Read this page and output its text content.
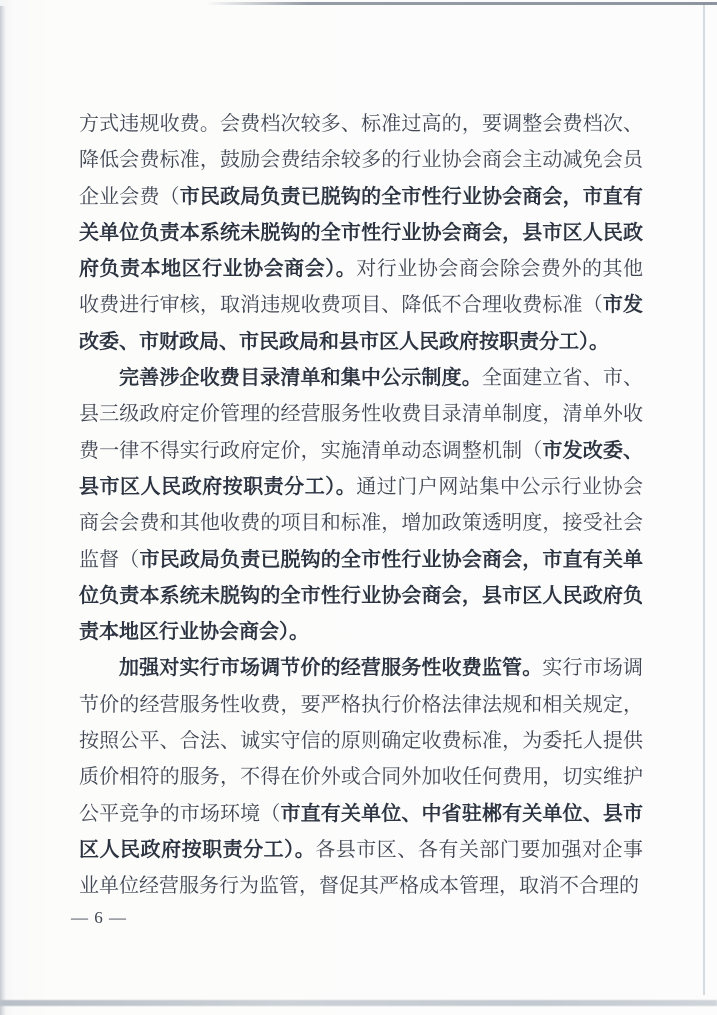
方式违规收费。会费档次较多、标准过高的，要调整会费档次、降低会费标准，鼓励会费结余较多的行业协会商会主动减免会员企业会费（市民政局负责已脱钩的全市性行业协会商会，市直有关单位负责本系统未脱钩的全市性行业协会商会，县市区人民政府负责本地区行业协会商会）。对行业协会商会除会费外的其他收费进行审核，取消违规收费项目、降低不合理收费标准（市发改委、市财政局、市民政局和县市区人民政府按职责分工）。

完善涉企收费目录清单和集中公示制度。全面建立省、市、县三级政府定价管理的经营服务性收费目录清单制度，清单外收费一律不得实行政府定价，实施清单动态调整机制（市发改委、县市区人民政府按职责分工）。通过门户网站集中公示行业协会商会会费和其他收费的项目和标准，增加政策透明度，接受社会监督（市民政局负责已脱钩的全市性行业协会商会，市直有关单位负责本系统未脱钩的全市性行业协会商会，县市区人民政府负责本地区行业协会商会）。

加强对实行市场调节价的经营服务性收费监管。实行市场调节价的经营服务性收费，要严格执行价格法律法规和相关规定，按照公平、合法、诚实守信的原则确定收费标准，为委托人提供质价相符的服务，不得在价外或合同外加收任何费用，切实维护公平竞争的市场环境（市直有关单位、中省驻郴有关单位、县市区人民政府按职责分工）。各县市区、各有关部门要加强对企事业单位经营服务行为监管，督促其严格成本管理，取消不合理的

— 6 —
